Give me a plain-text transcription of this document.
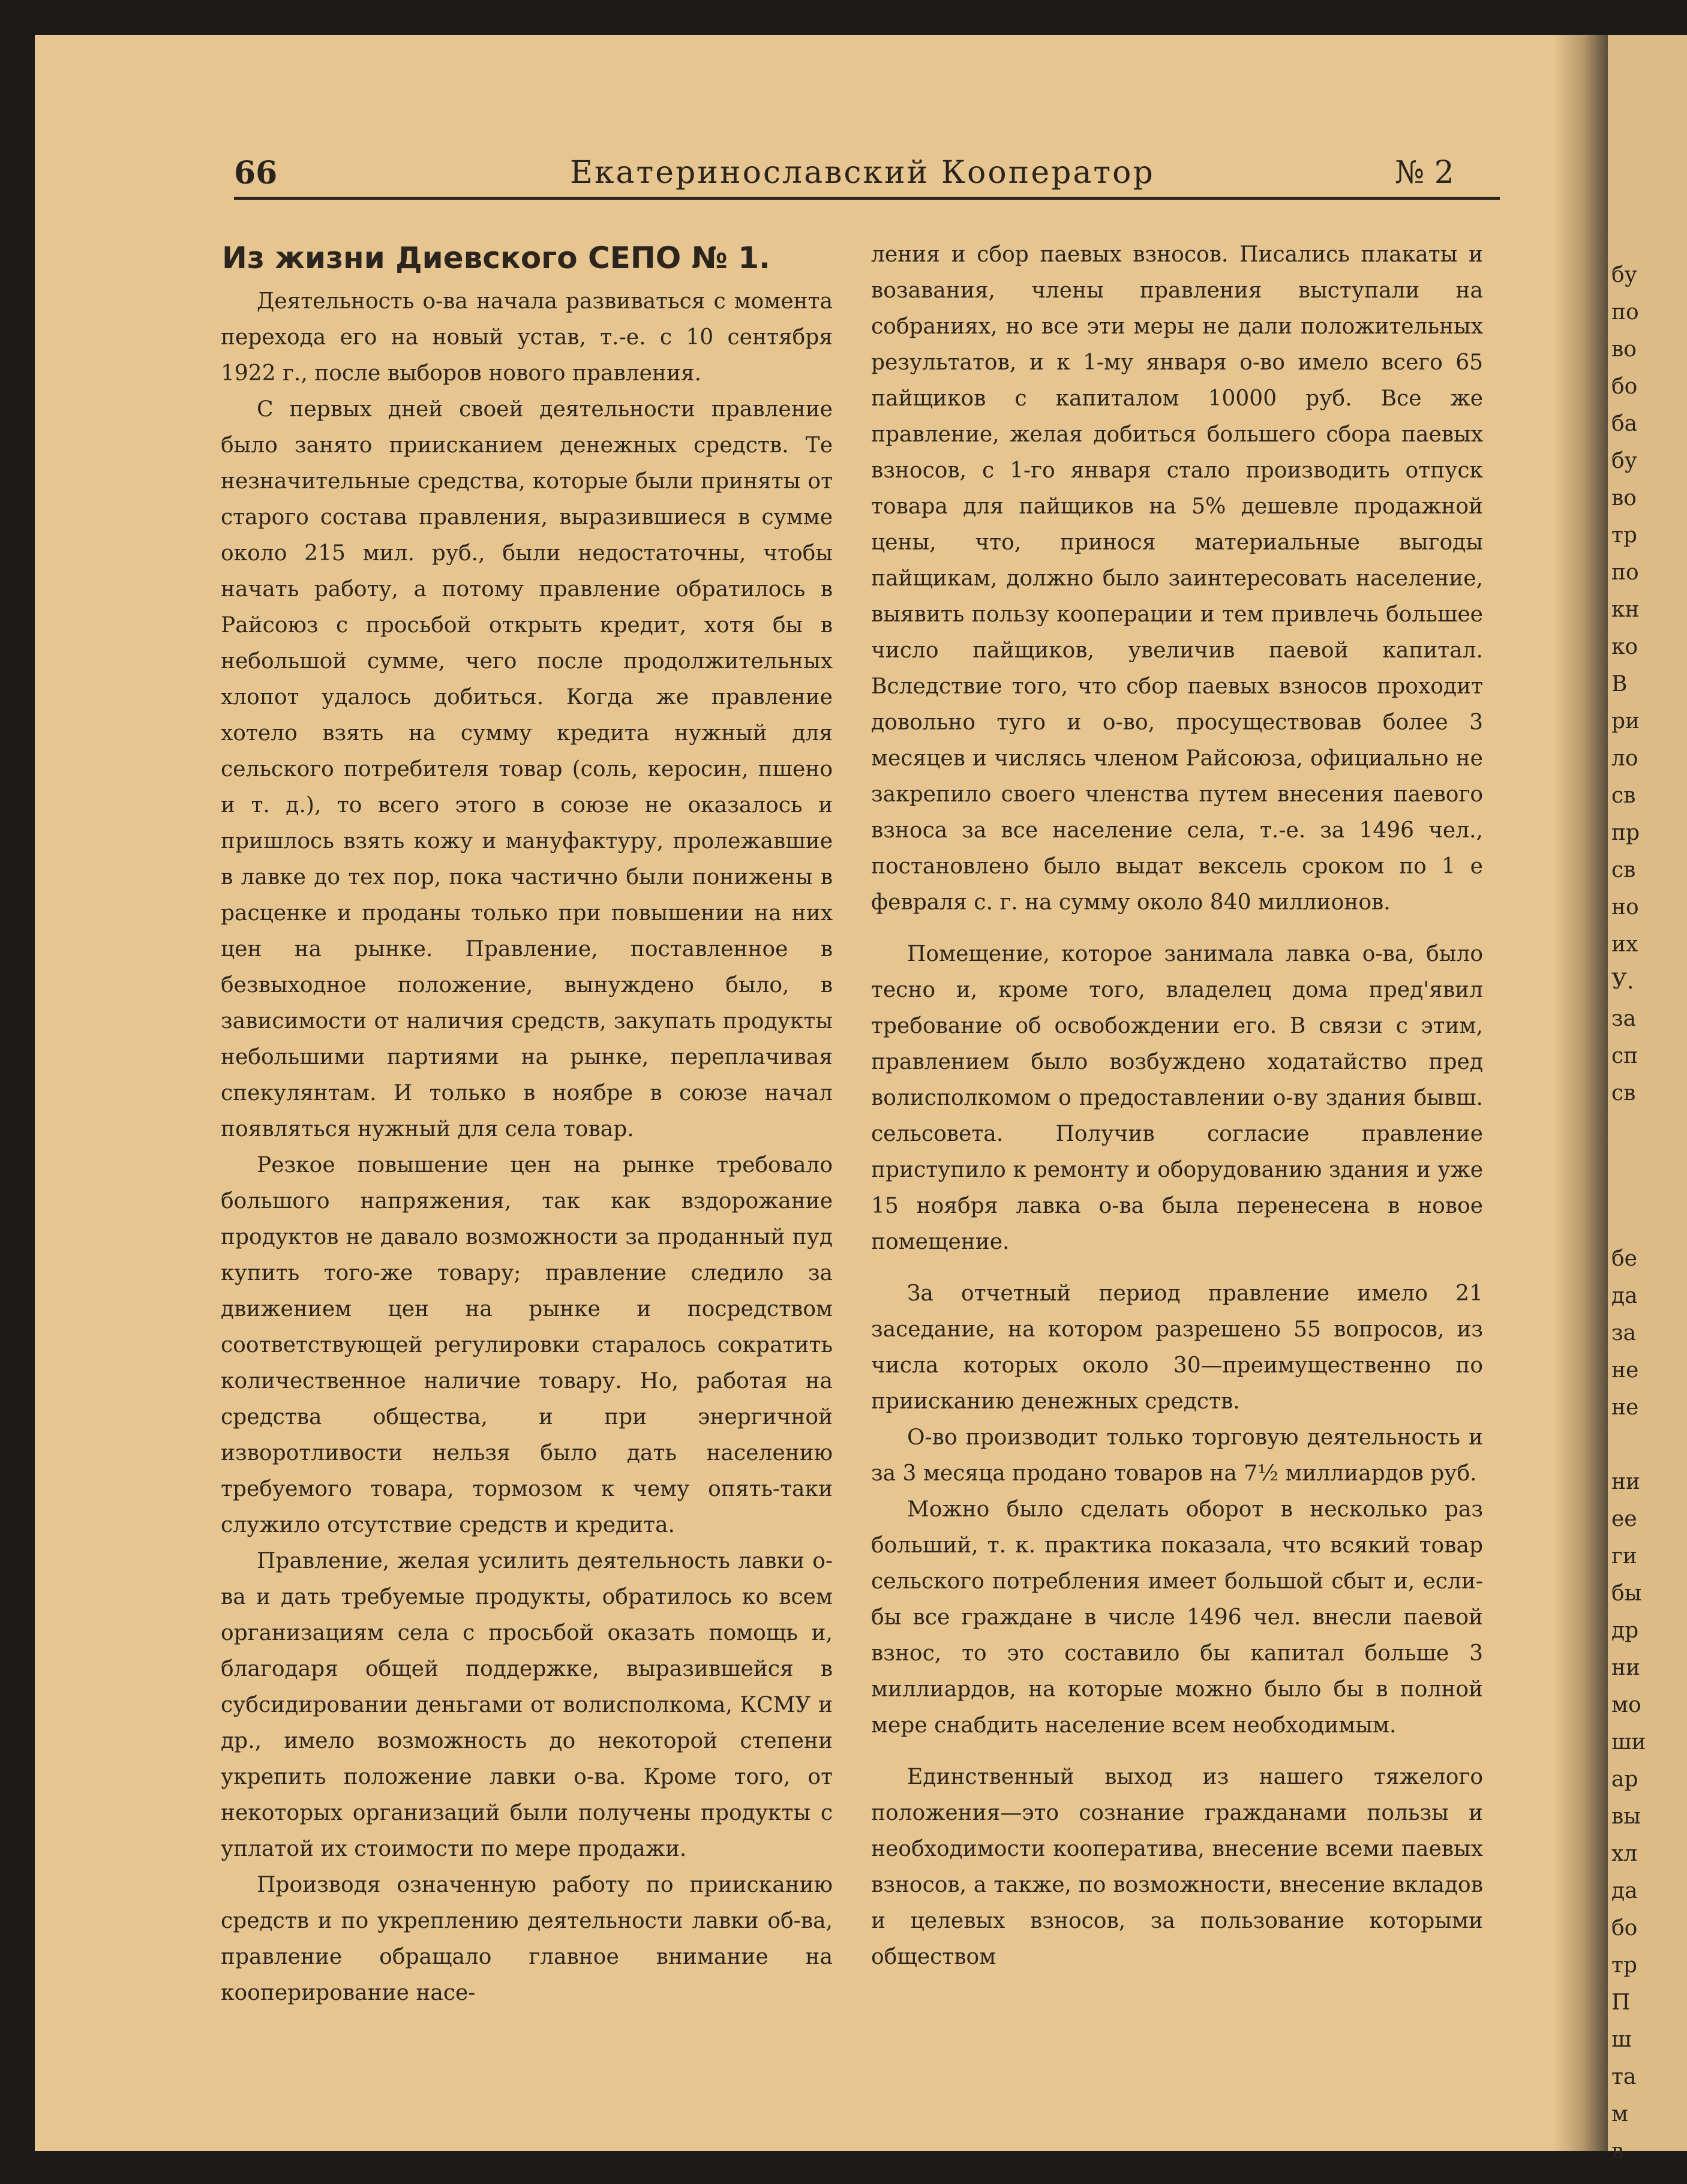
бу
по
во
бо
ба
бу
во
тр
по
кн
ко
В
ри
ло
св
пр
св
но
их
У.
за
сп
св
бе
да
за
не
не

ни
ее
ги
бы
др
ни
мо
ши
ар
вы
хл
да
бо
тр
П
ш
та
м
в
66	Екатеринославский Кооператор	№ 2
Из жизни Диевского СЕПО № 1.

Деятельность о-ва начала развиваться с момента перехода его на новый устав, т.-е. с 10 сентября 1922 г., после выборов нового правления.

С первых дней своей деятельности правление было занято приисканием денежных средств. Те незначительные средства, которые были приняты от старого состава правления, выразившиеся в сумме около 215 мил. руб., были недостаточны, чтобы начать работу, а потому правление обратилось в Райсоюз с просьбой открыть кредит, хотя бы в небольшой сумме, чего после продолжительных хлопот удалось добиться. Когда же правление хотело взять на сумму кредита нужный для сельского потребителя товар (соль, керосин, пшено и т. д.), то всего этого в союзе не оказалось и пришлось взять кожу и мануфактуру, пролежавшие в лавке до тех пор, пока частично были понижены в расценке и проданы только при повышении на них цен на рынке. Правление, поставленное в безвыходное положение, вынуждено было, в зависимости от наличия средств, закупать продукты небольшими партиями на рынке, переплачивая спекулянтам. И только в ноябре в союзе начал появляться нужный для села товар.

Резкое повышение цен на рынке требовало большого напряжения, так как вздорожание продуктов не давало возможности за проданный пуд купить того-же товару; правление следило за движением цен на рынке и посредством соответствующей регулировки старалось сократить количественное наличие товару. Но, работая на средства общества, и при энергичной изворотливости нельзя было дать населению требуемого товара, тормозом к чему опять-таки служило отсутствие средств и кредита.

Правление, желая усилить деятельность лавки о-ва и дать требуемые продукты, обратилось ко всем организациям села с просьбой оказать помощь и, благодаря общей поддержке, выразившейся в субсидировании деньгами от волисполкома, КСМУ и др., имело возможность до некоторой степени укрепить положение лавки о-ва. Кроме того, от некоторых организаций были получены продукты с уплатой их стоимости по мере продажи.

Производя означенную работу по приисканию средств и по укреплению деятельности лавки об-ва, правление обращало главное внимание на кооперирование насе-

ления и сбор паевых взносов. Писались плакаты и возавания, члены правления выступали на собраниях, но все эти меры не дали положительных результатов, и к 1-му января о-во имело всего 65 пайщиков с капиталом 10000 руб. Все же правление, желая добиться большего сбора паевых взносов, с 1-го января стало производить отпуск товара для пайщиков на 5% дешевле продажной цены, что, принося материальные выгоды пайщикам, должно было заинтересовать население, выявить пользу кооперации и тем привлечь большее число пайщиков, увеличив паевой капитал. Вследствие того, что сбор паевых взносов проходит довольно туго и о-во, просуществовав более 3 месяцев и числясь членом Райсоюза, официально не закрепило своего членства путем внесения паевого взноса за все население села, т.-е. за 1496 чел., постановлено было выдат вексель сроком по 1 е февраля с. г. на сумму около 840 миллионов.

Помещение, которое занимала лавка о-ва, было тесно и, кроме того, владелец дома пред'явил требование об освобождении его. В связи с этим, правлением было возбуждено ходатайство пред волисполкомом о предоставлении о-ву здания бывш. сельсовета. Получив согласие правление приступило к ремонту и оборудованию здания и уже 15 ноября лавка о-ва была перенесена в новое помещение.

За отчетный период правление имело 21 заседание, на котором разрешено 55 вопросов, из числа которых около 30—преимущественно по приисканию денежных средств.

О-во производит только торговую деятельность и за 3 месяца продано товаров на 7½ миллиардов руб.

Можно было сделать оборот в несколько раз больший, т. к. практика показала, что всякий товар сельского потребления имеет большой сбыт и, если-бы все граждане в числе 1496 чел. внесли паевой взнос, то это составило бы капитал больше 3 миллиардов, на которые можно было бы в полной мере снабдить население всем необходимым.

Единственный выход из нашего тяжелого положения—это сознание гражданами пользы и необходимости кооператива, внесение всеми паевых взносов, а также, по возможности, внесение вкладов и целевых взносов, за пользование которыми обществом
